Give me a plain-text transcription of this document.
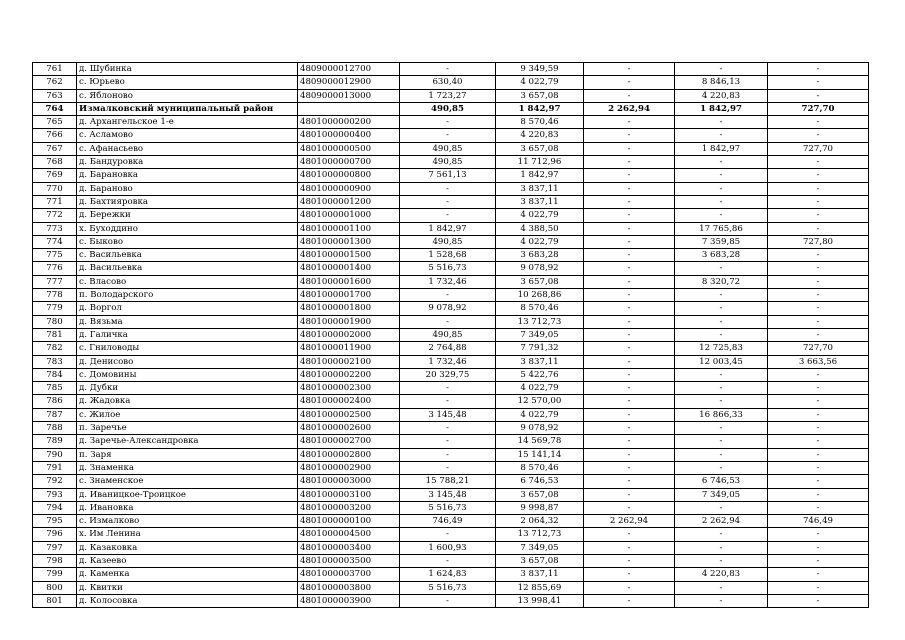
761	д. Шубинка	4809000012700	-	9 349,59	-	-	-
762	с. Юрьево	4809000012900	630,40	4 022,79	-	8 846,13	-
763	с. Яблоново	4809000013000	1 723,27	3 657,08	-	4 220,83	-
764	Измалковский муниципальный район		490,85	1 842,97	2 262,94	1 842,97	727,70
765	д. Архангельское 1-е	4801000000200	-	8 570,46	-	-	-
766	с. Асламово	4801000000400	-	4 220,83	-	-	-
767	с. Афанасьево	4801000000500	490,85	3 657,08	-	1 842,97	727,70
768	д. Бандуровка	4801000000700	490,85	11 712,96	-	-	-
769	д. Барановка	4801000000800	7 561,13	1 842,97	-	-	-
770	д. Бараново	4801000000900	-	3 837,11	-	-	-
771	д. Бахтияровка	4801000001200	-	3 837,11	-	-	-
772	д. Бережки	4801000001000	-	4 022,79	-	-	-
773	х. Буходдино	4801000001100	1 842,97	4 388,50	-	17 765,86	-
774	с. Быково	4801000001300	490,85	4 022,79	-	7 359,85	727,80
775	с. Васильевка	4801000001500	1 528,68	3 683,28	-	3 683,28	-
776	д. Васильевка	4801000001400	5 516,73	9 078,92	-	-	-
777	с. Власово	4801000001600	1 732,46	3 657,08	-	8 320,72	-
778	п. Володарского	4801000001700	-	10 268,86	-	-	-
779	д. Воргол	4801000001800	9 078,92	8 570,46	-	-	-
780	д. Вязьма	4801000001900	-	13 712,73	-	-	-
781	д. Галичка	4801000002000	490,85	7 349,05	-	-	-
782	с. Гниловоды	4801000011900	2 764,88	7 791,32	-	12 725,83	727,70
783	д. Денисово	4801000002100	1 732,46	3 837,11	-	12 003,45	3 663,56
784	с. Домовины	4801000002200	20 329,75	5 422,76	-	-	-
785	д. Дубки	4801000002300	-	4 022,79	-	-	-
786	д. Жадовка	4801000002400	-	12 570,00	-	-	-
787	с. Жилое	4801000002500	3 145,48	4 022,79	-	16 866,33	-
788	п. Заречье	4801000002600	-	9 078,92	-	-	-
789	д. Заречье-Александровка	4801000002700	-	14 569,78	-	-	-
790	п. Заря	4801000002800	-	15 141,14	-	-	-
791	д. Знаменка	4801000002900	-	8 570,46	-	-	-
792	с. Знаменское	4801000003000	15 788,21	6 746,53	-	6 746,53	-
793	д. Иваницкое-Троицкое	4801000003100	3 145,48	3 657,08	-	7 349,05	-
794	д. Ивановка	4801000003200	5 516,73	9 998,87	-	-	-
795	с. Измалково	4801000000100	746,49	2 064,32	2 262,94	2 262,94	746,49
796	х. Им Ленина	4801000004500	-	13 712,73	-	-	-
797	д. Казаковка	4801000003400	1 600,93	7 349,05	-	-	-
798	д. Казеево	4801000003500	-	3 657,08	-	-	-
799	д. Каменка	4801000003700	1 624,83	3 837,11	-	4 220,83	-
800	д. Квитки	4801000003800	5 516,73	12 855,69	-	-	-
801	д. Колосовка	4801000003900	-	13 998,41	-	-	-
